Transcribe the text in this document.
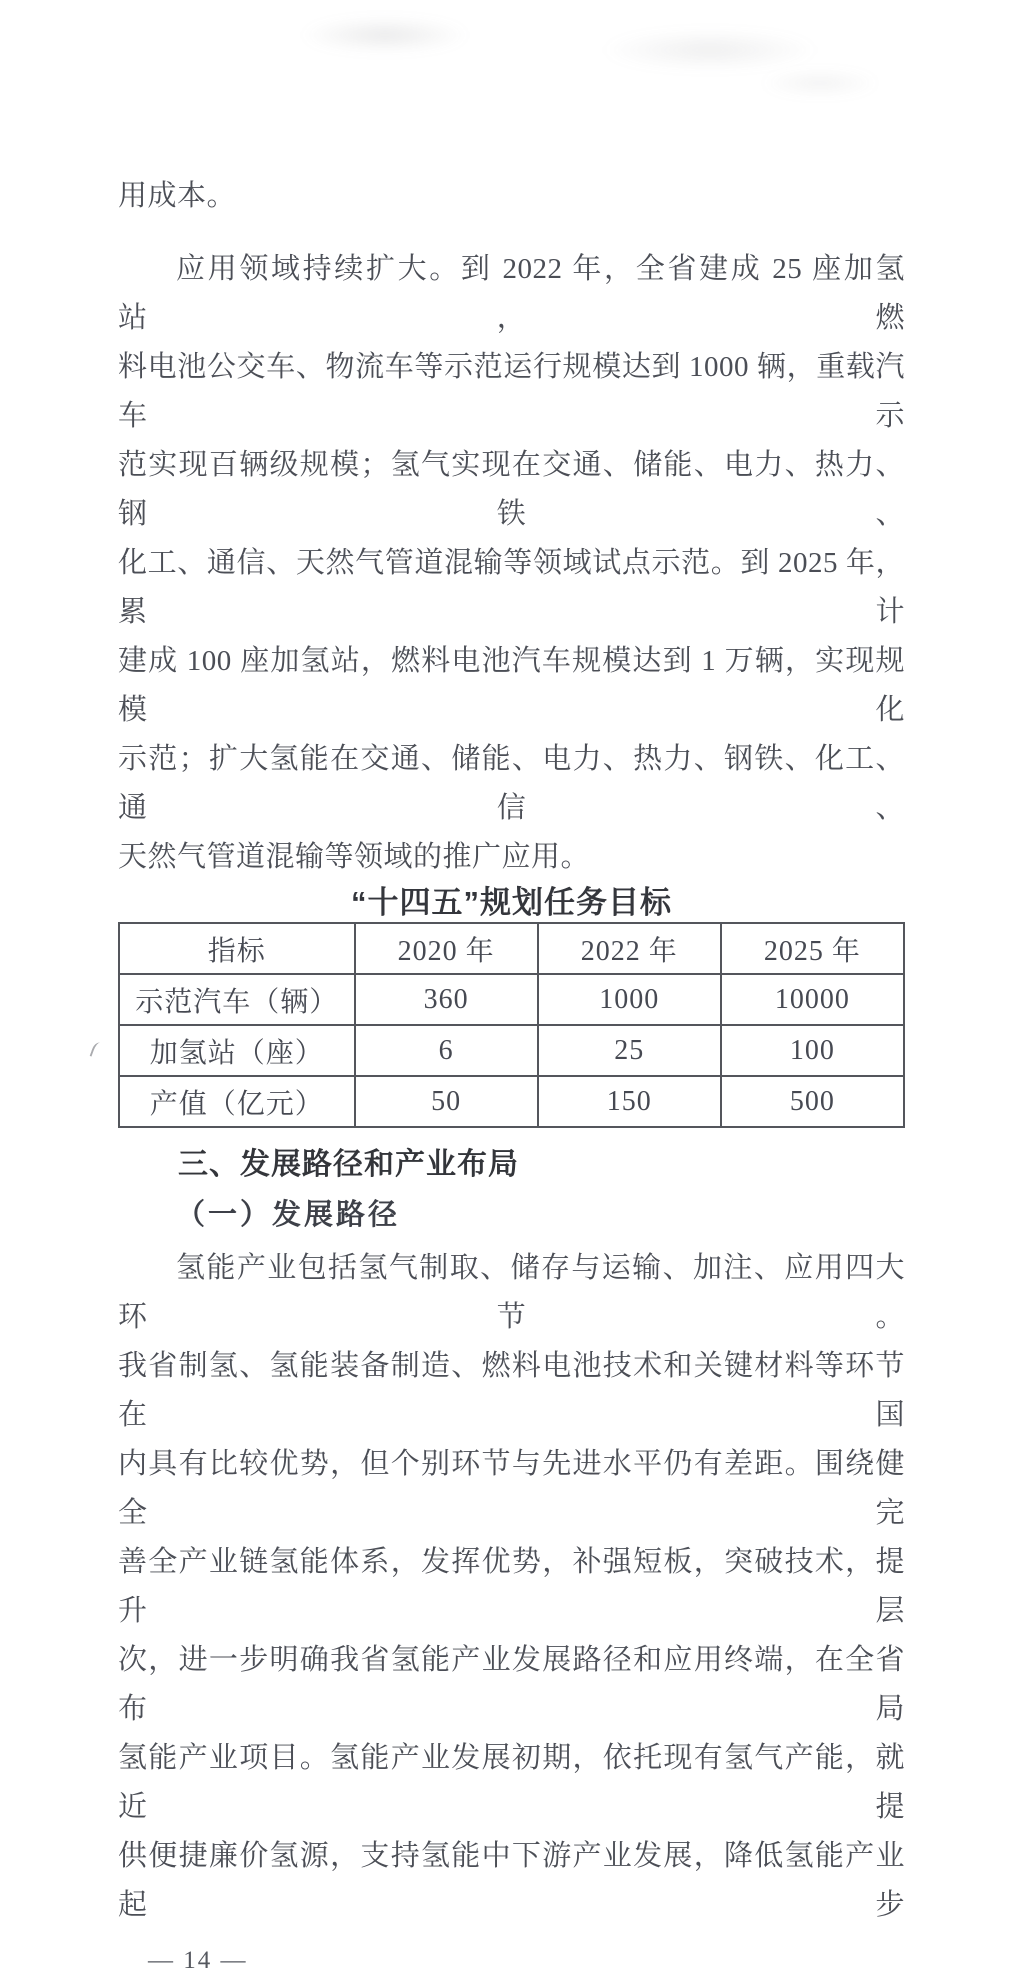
用成本。
应用领域持续扩大。到 2022 年，全省建成 25 座加氢站，燃
料电池公交车、物流车等示范运行规模达到 1000 辆，重载汽车示
范实现百辆级规模；氢气实现在交通、储能、电力、热力、钢铁、
化工、通信、天然气管道混输等领域试点示范。到 2025 年，累计
建成 100 座加氢站，燃料电池汽车规模达到 1 万辆，实现规模化
示范；扩大氢能在交通、储能、电力、热力、钢铁、化工、通信、
天然气管道混输等领域的推广应用。
“十四五”规划任务目标
指标	2020 年	2022 年	2025 年
示范汽车（辆）	360	1000	10000
加氢站（座）	6	25	100
产值（亿元）	50	150	500
三、发展路径和产业布局
（一）发展路径
氢能产业包括氢气制取、储存与运输、加注、应用四大环节。
我省制氢、氢能装备制造、燃料电池技术和关键材料等环节在国
内具有比较优势，但个别环节与先进水平仍有差距。围绕健全完
善全产业链氢能体系，发挥优势，补强短板，突破技术，提升层
次，进一步明确我省氢能产业发展路径和应用终端，在全省布局
氢能产业项目。氢能产业发展初期，依托现有氢气产能，就近提
供便捷廉价氢源，支持氢能中下游产业发展，降低氢能产业起步
— 14 —
